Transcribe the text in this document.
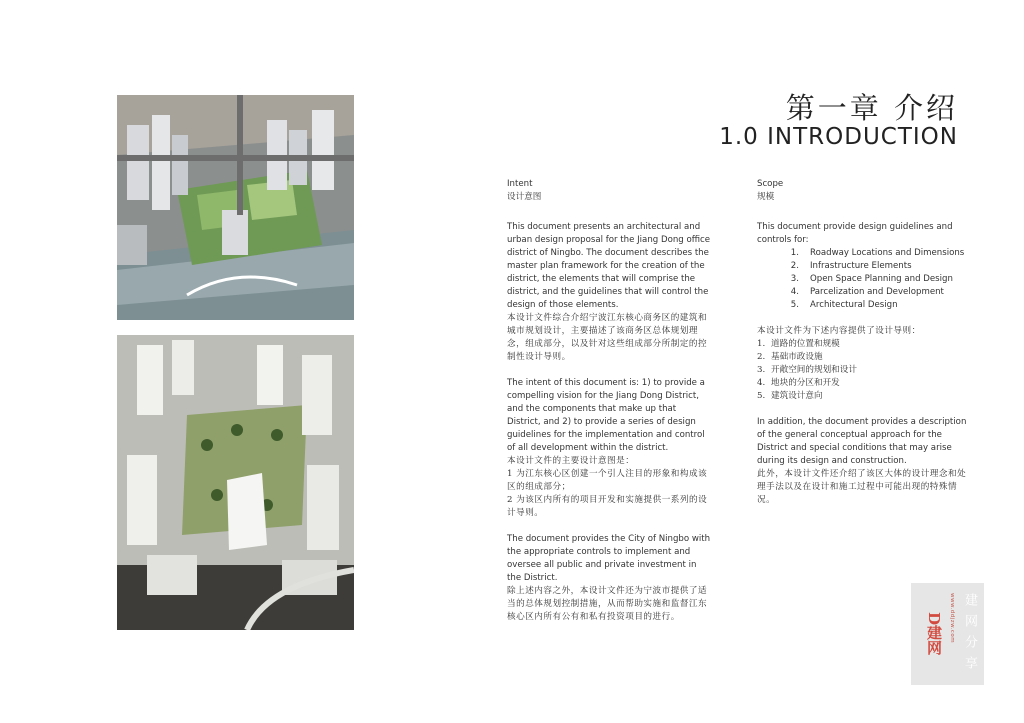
第一章 介绍
1.0 INTRODUCTION

Intent

设计意图

This document presents an architectural and urban design proposal for the Jiang Dong office district of Ningbo. The document describes the master plan framework for the creation of the district, the elements that will comprise the district, and the guidelines that will control the design of those elements.

本设计文件综合介绍宁波江东核心商务区的建筑和城市规划设计，主要描述了该商务区总体规划理念，组成部分，以及针对这些组成部分所制定的控制性设计导则。

The intent of this document is: 1) to provide a compelling vision for the Jiang Dong District, and the components that make up that District, and 2) to provide a series of design guidelines for the implementation and control of all development within the district.

本设计文件的主要设计意图是：

1 为江东核心区创建一个引人注目的形象和构成该区的组成部分；

2 为该区内所有的项目开发和实施提供一系列的设计导则。

The document provides the City of Ningbo with the appropriate controls to implement and oversee all public and private investment in the District.

除上述内容之外，本设计文件还为宁波市提供了适当的总体规划控制措施，从而帮助实施和监督江东核心区内所有公有和私有投资项目的进行。

Scope

规模

This document provide design guidelines and controls for:

1.	Roadway Locations and Dimensions
2.	Infrastructure Elements
3.	Open Space Planning and Design
4.	Parcelization and Development
5.	Architectural Design

本设计文件为下述内容提供了设计导则：

1. 道路的位置和规模
2. 基础市政设施
3. 开敞空间的规划和设计
4. 地块的分区和开发
5. 建筑设计意向

In addition, the document provides a description of the general conceptual approach for the District and special conditions that may arise during its design and construction.

此外，本设计文件还介绍了该区大体的设计理念和处理手法以及在设计和施工过程中可能出现的特殊情况。

D建网	www.ddjzw.com 建网分享
